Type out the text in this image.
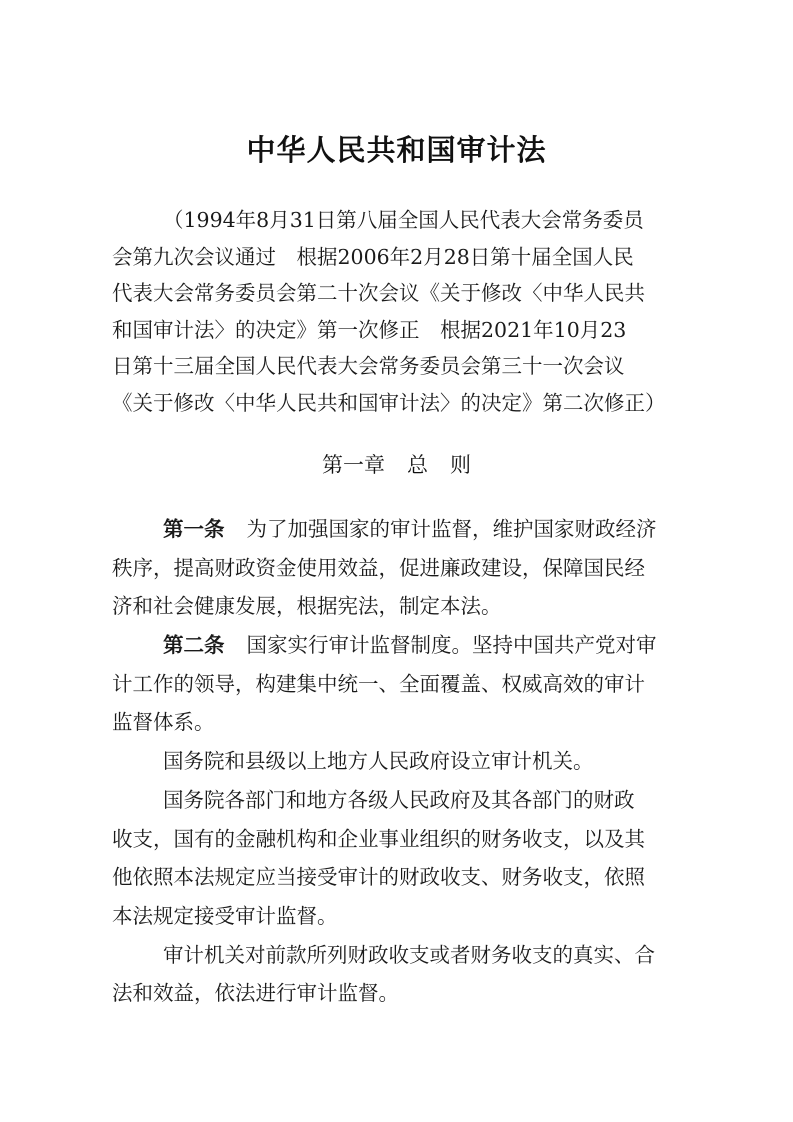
中华人民共和国审计法
（1994年8月31日第八届全国人民代表大会常务委员
会第九次会议通过　根据2006年2月28日第十届全国人民
代表大会常务委员会第二十次会议《关于修改〈中华人民共
和国审计法〉的决定》第一次修正　根据2021年10月23
日第十三届全国人民代表大会常务委员会第三十一次会议
《关于修改〈中华人民共和国审计法〉的决定》第二次修正）
第一章 总 则
第一条 为了加强国家的审计监督，维护国家财政经济
秩序，提高财政资金使用效益，促进廉政建设，保障国民经
济和社会健康发展，根据宪法，制定本法。
第二条 国家实行审计监督制度。坚持中国共产党对审
计工作的领导，构建集中统一、全面覆盖、权威高效的审计
监督体系。
国务院和县级以上地方人民政府设立审计机关。
国务院各部门和地方各级人民政府及其各部门的财政
收支，国有的金融机构和企业事业组织的财务收支，以及其
他依照本法规定应当接受审计的财政收支、财务收支，依照
本法规定接受审计监督。
审计机关对前款所列财政收支或者财务收支的真实、合
法和效益，依法进行审计监督。
